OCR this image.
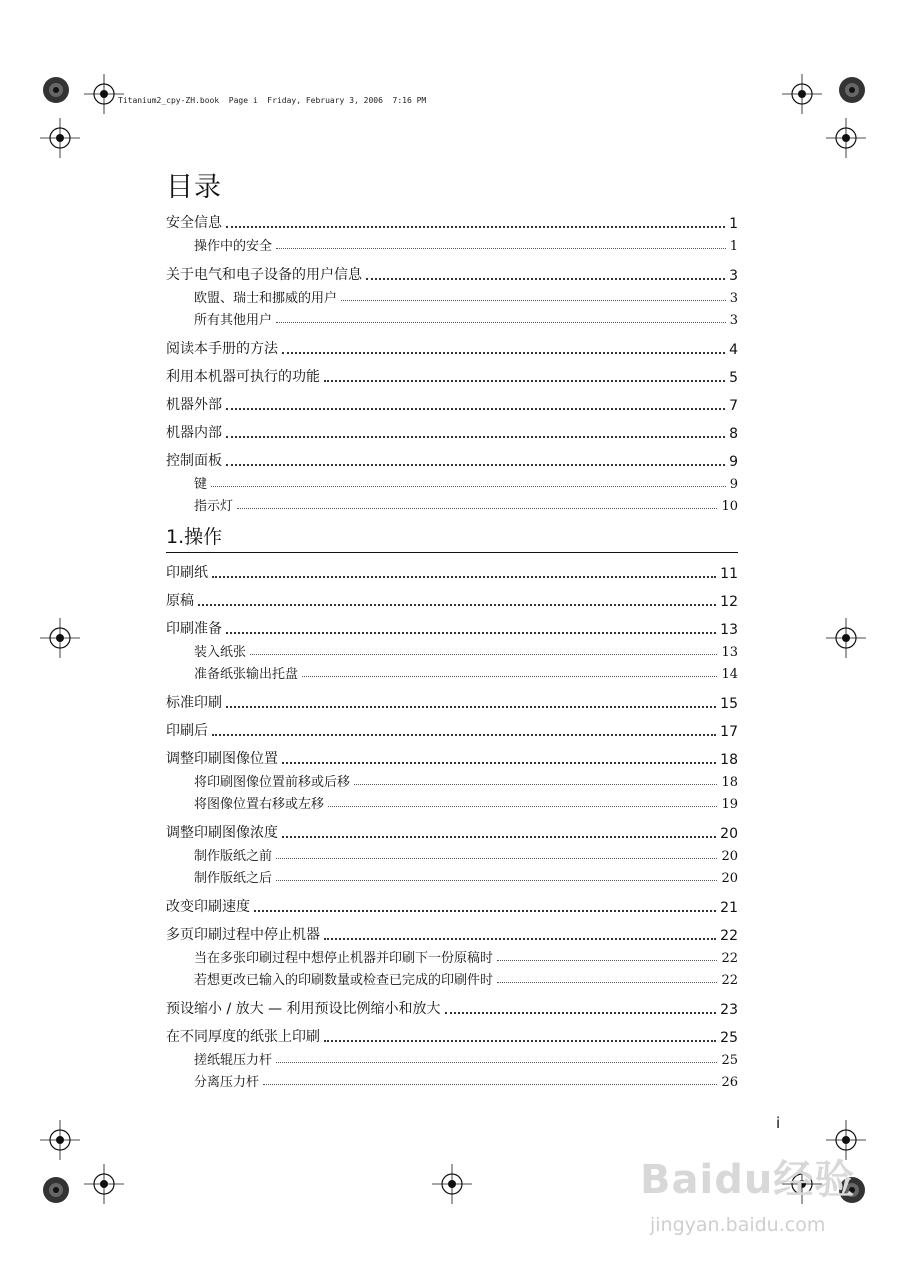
Titanium2_cpy-ZH.book  Page i  Friday, February 3, 2006  7:16 PM
目录
安全信息	1
操作中的安全	1
关于电气和电子设备的用户信息	3
欧盟、瑞士和挪威的用户	3
所有其他用户	3
阅读本手册的方法	4
利用本机器可执行的功能	5
机器外部	7
机器内部	8
控制面板	9
键	9
指示灯	10
1.操作
印刷纸	11
原稿	12
印刷准备	13
装入纸张	13
准备纸张输出托盘	14
标准印刷	15
印刷后	17
调整印刷图像位置	18
将印刷图像位置前移或后移	18
将图像位置右移或左移	19
调整印刷图像浓度	20
制作版纸之前	20
制作版纸之后	20
改变印刷速度	21
多页印刷过程中停止机器	22
当在多张印刷过程中想停止机器并印刷下一份原稿时	22
若想更改已输入的印刷数量或检查已完成的印刷件时	22
预设缩小 / 放大 — 利用预设比例缩小和放大	23
在不同厚度的纸张上印刷	25
搓纸辊压力杆	25
分离压力杆	26
i
Baidu经验
jingyan.baidu.com
